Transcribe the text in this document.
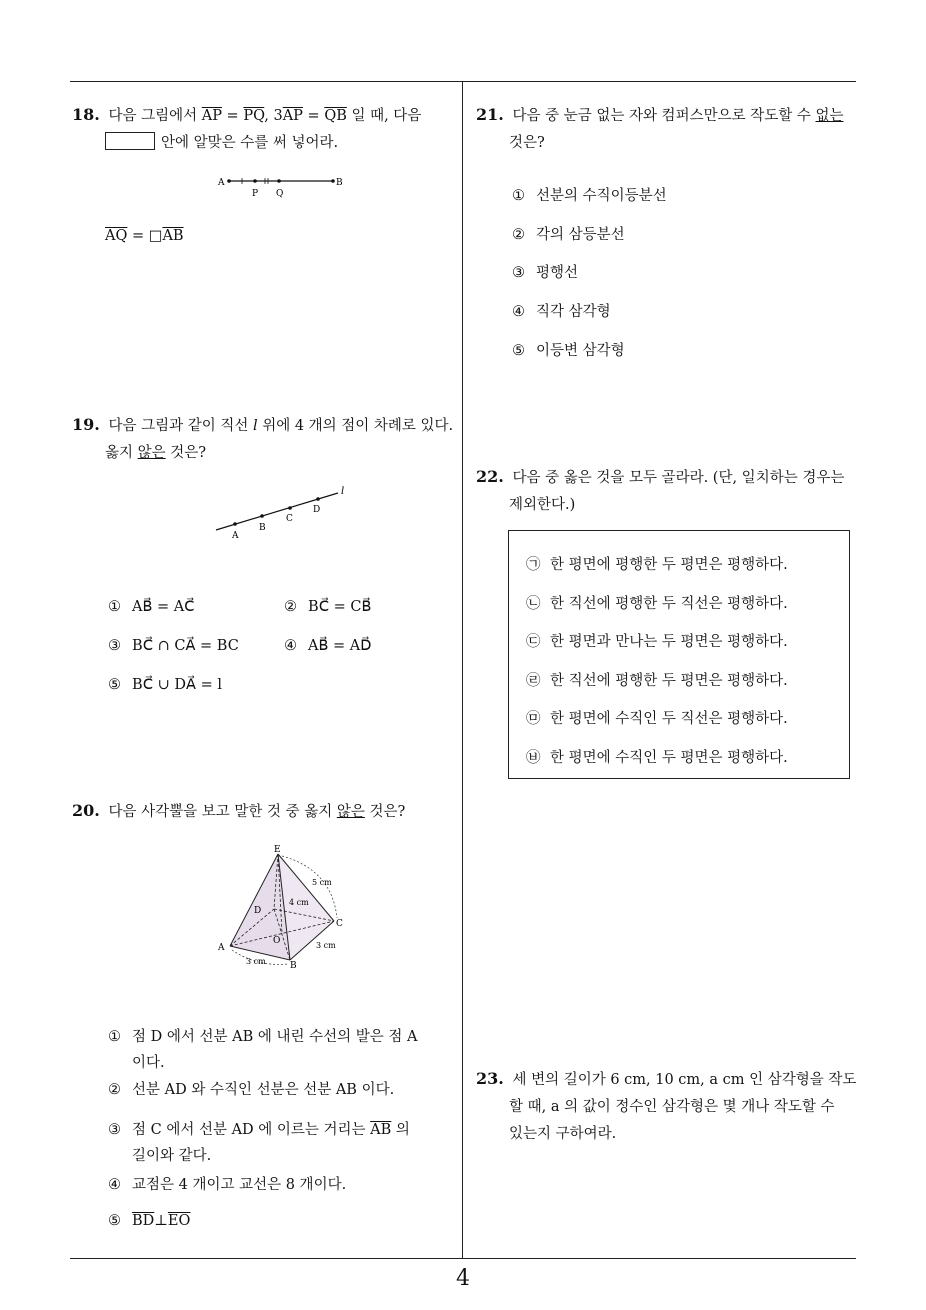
4
18. 다음 그림에서 $\overline{AP} = \overline{PQ}$, $3\overline{AP} = \overline{QB}$ 일 때, 다음
안에 알맞은 수를 써 넣어라.
A
P Q
B
$\overline{AQ}$ = $□\overline{AB}$
19. 다음 그림과 같이 직선 l 위에 4 개의 점이 차례로 있다.
옳지 않은 것은?
A
B
C
D
l
① AB⃗ = AC⃗	② BC⃗ = CB⃗
③ BC⃗ ∩ CA⃗ = BC	④ AB⃗ = AD⃗
⑤ BC⃗ ∪ DA⃗ = l
20. 다음 사각뿔을 보고 말한 것 중 옳지 않은 것은?
E
D
C
A
B
O
5 cm
4 cm
3 cm
3 cm
① 점 D 에서 선분 AB 에 내린 수선의 발은 점 A
이다.
② 선분 AD 와 수직인 선분은 선분 AB 이다.
③ 점 C 에서 선분 AD 에 이르는 거리는 $\overline{AB}$ 의
길이와 같다.
④ 교점은 4 개이고 교선은 8 개이다.
⑤ $\overline{BD}\perp\overline{EO}$
21. 다음 중 눈금 없는 자와 컴퍼스만으로 작도할 수 없는
것은?
① 선분의 수직이등분선
② 각의 삼등분선
③ 평행선
④ 직각 삼각형
⑤ 이등변 삼각형
22. 다음 중 옳은 것을 모두 골라라. (단, 일치하는 경우는
제외한다.)
㉠ 한 평면에 평행한 두 평면은 평행하다.
㉡ 한 직선에 평행한 두 직선은 평행하다.
㉢ 한 평면과 만나는 두 평면은 평행하다.
㉣ 한 직선에 평행한 두 평면은 평행하다.
㉤ 한 평면에 수직인 두 직선은 평행하다.
㉥ 한 평면에 수직인 두 평면은 평행하다.
23. 세 변의 길이가 6 cm, 10 cm, a cm 인 삼각형을 작도
할 때, a 의 값이 정수인 삼각형은 몇 개나 작도할 수
있는지 구하여라.
